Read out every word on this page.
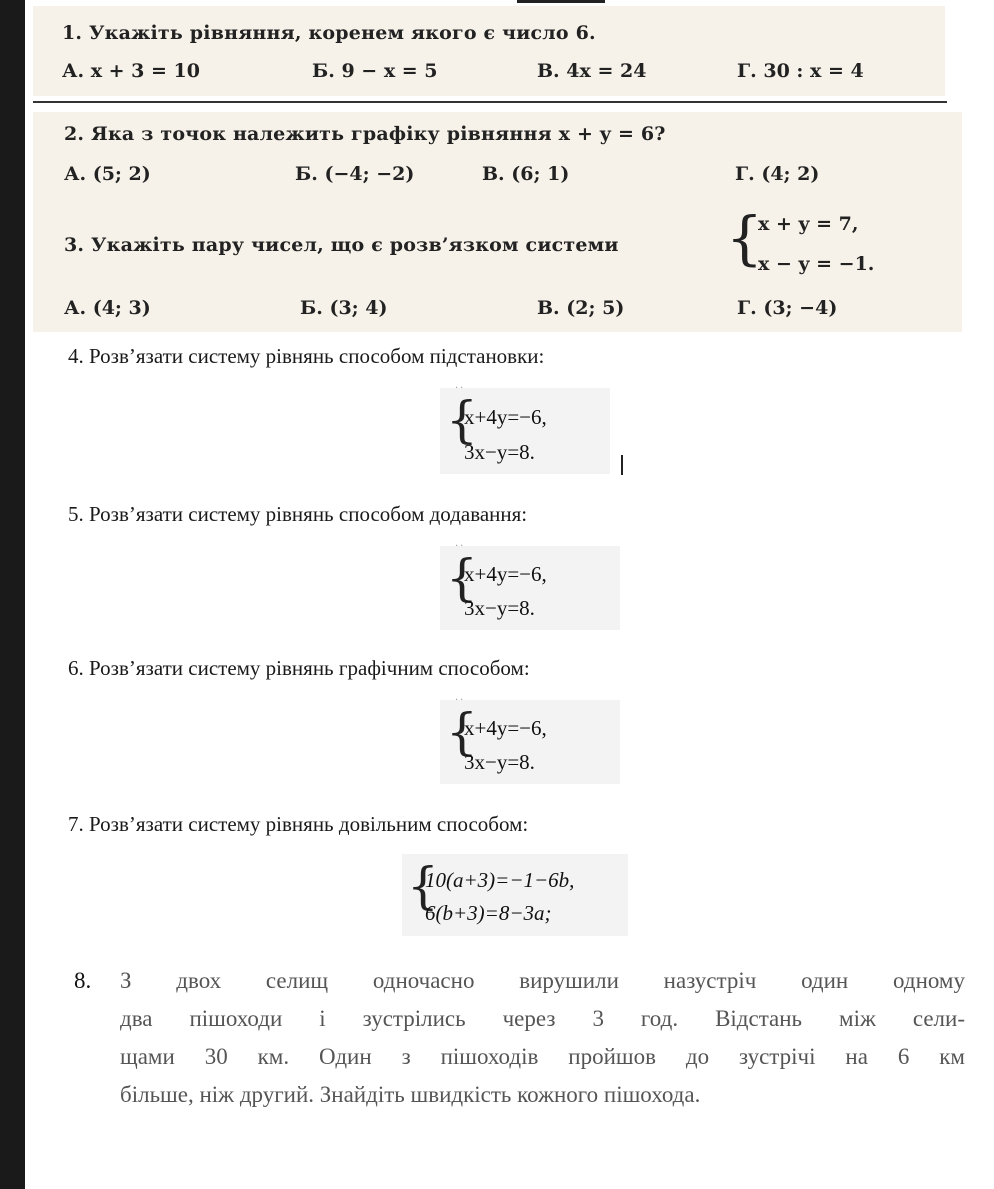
1. Укажіть рівняння, коренем якого є число 6.
А. x + 3 = 10	Б. 9 − x = 5	В. 4x = 24	Г. 30 : x = 4
2. Яка з точок належить графіку рівняння x + y = 6?
А. (5; 2)	Б. (−4; −2)	В. (6; 1)	Г. (4; 2)
3. Укажіть пару чисел, що є розв’язком системи {
x + y = 7,
x − y = −1.
А. (4; 3)	Б. (3; 4)	В. (2; 5)	Г. (3; −4)
4. Розв’язати систему рівнянь способом підстановки:
..
{
x+4y=−6,
3x−y=8.
5. Розв’язати систему рівнянь способом додавання:
..
{
x+4y=−6,
3x−y=8.
6. Розв’язати систему рівнянь графічним способом:
..
{
x+4y=−6,
3x−y=8.
7. Розв’язати систему рівнянь довільним способом:
{
10(a+3)=−1−6b,
6(b+3)=8−3a;
8. З двох селищ одночасно вирушили назустріч один одному
два пішоходи і зустрілись через 3 год. Відстань між сели-
щами 30 км. Один з пішоходів пройшов до зустрічі на 6 км
більше, ніж другий. Знайдіть швидкість кожного пішохода.
